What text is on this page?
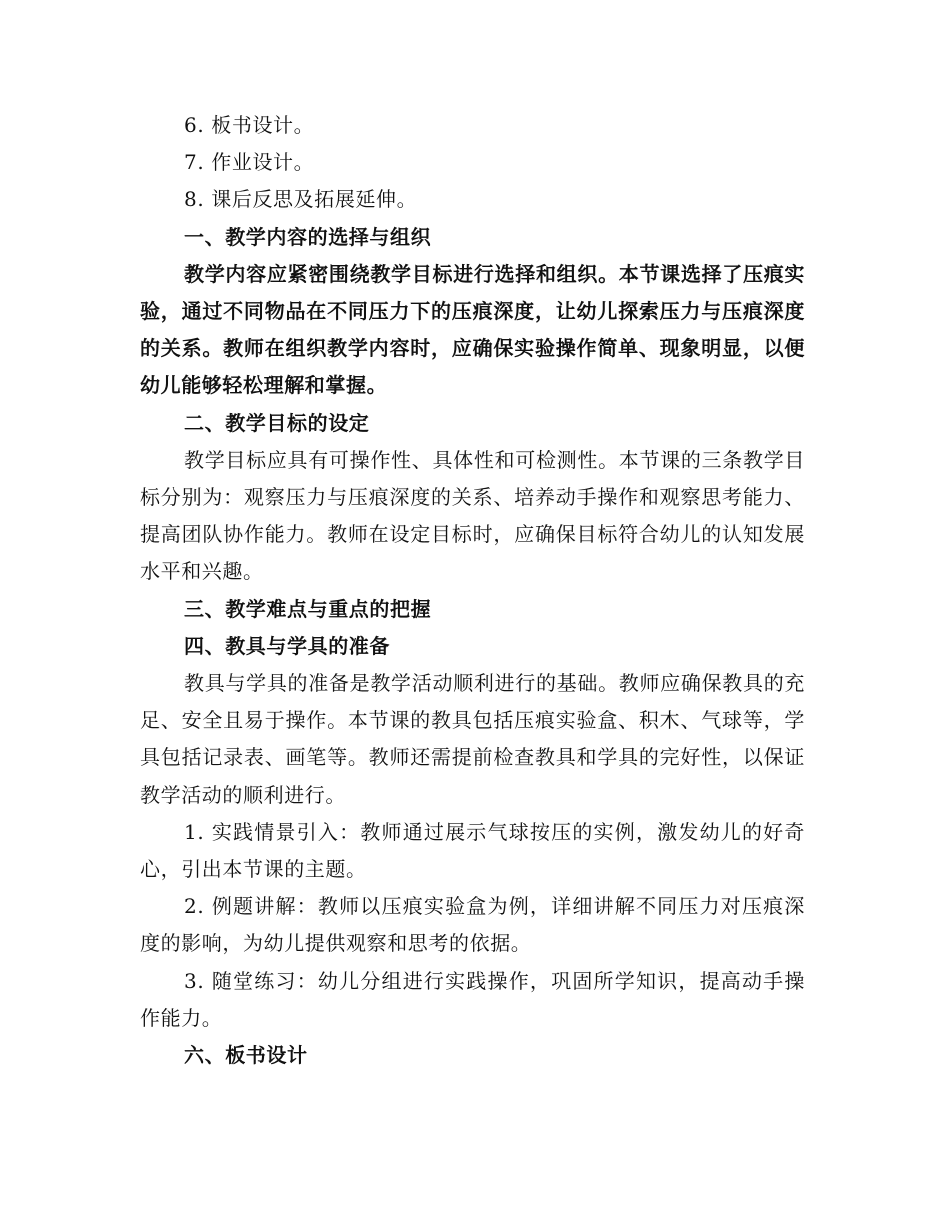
6. 板书设计。

7. 作业设计。

8. 课后反思及拓展延伸。

一、教学内容的选择与组织

教学内容应紧密围绕教学目标进行选择和组织。本节课选择了压痕实验，通过不同物品在不同压力下的压痕深度，让幼儿探索压力与压痕深度的关系。教师在组织教学内容时，应确保实验操作简单、现象明显，以便幼儿能够轻松理解和掌握。

二、教学目标的设定

教学目标应具有可操作性、具体性和可检测性。本节课的三条教学目标分别为：观察压力与压痕深度的关系、培养动手操作和观察思考能力、提高团队协作能力。教师在设定目标时，应确保目标符合幼儿的认知发展水平和兴趣。

三、教学难点与重点的把握

四、教具与学具的准备

教具与学具的准备是教学活动顺利进行的基础。教师应确保教具的充足、安全且易于操作。本节课的教具包括压痕实验盒、积木、气球等，学具包括记录表、画笔等。教师还需提前检查教具和学具的完好性，以保证教学活动的顺利进行。

1. 实践情景引入：教师通过展示气球按压的实例，激发幼儿的好奇心，引出本节课的主题。

2. 例题讲解：教师以压痕实验盒为例，详细讲解不同压力对压痕深度的影响，为幼儿提供观察和思考的依据。

3. 随堂练习：幼儿分组进行实践操作，巩固所学知识，提高动手操作能力。

六、板书设计
